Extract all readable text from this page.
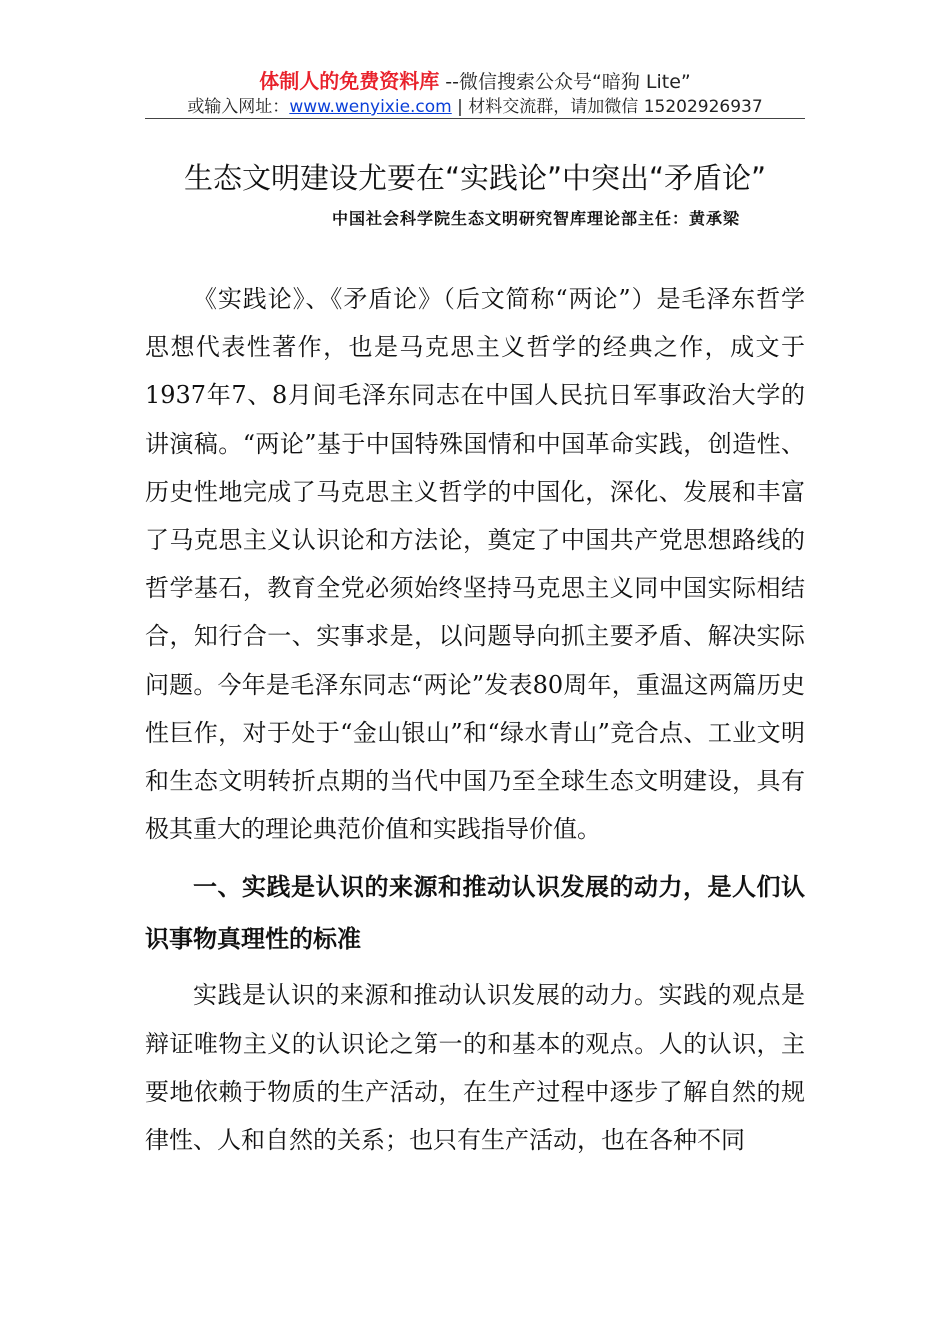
体制人的免费资料库 --微信搜索公众号“暗狗 Lite”
或输入网址：www.wenyixie.com | 材料交流群，请加微信 15202926937
生态文明建设尤要在“实践论”中突出“矛盾论”
中国社会科学院生态文明研究智库理论部主任：黄承梁

《实践论》、《矛盾论》（后文简称“两论”）是毛泽东哲学思想代表性著作，也是马克思主义哲学的经典之作，成文于1937年7、8月间毛泽东同志在中国人民抗日军事政治大学的讲演稿。“两论”基于中国特殊国情和中国革命实践，创造性、历史性地完成了马克思主义哲学的中国化，深化、发展和丰富了马克思主义认识论和方法论，奠定了中国共产党思想路线的哲学基石，教育全党必须始终坚持马克思主义同中国实际相结合，知行合一、实事求是，以问题导向抓主要矛盾、解决实际问题。今年是毛泽东同志“两论”发表80周年，重温这两篇历史性巨作，对于处于“金山银山”和“绿水青山”竞合点、工业文明和生态文明转折点期的当代中国乃至全球生态文明建设，具有极其重大的理论典范价值和实践指导价值。

一、实践是认识的来源和推动认识发展的动力，是人们认识事物真理性的标准

实践是认识的来源和推动认识发展的动力。实践的观点是辩证唯物主义的认识论之第一的和基本的观点。人的认识，主要地依赖于物质的生产活动，在生产过程中逐步了解自然的规律性、人和自然的关系；也只有生产活动，也在各种不同
